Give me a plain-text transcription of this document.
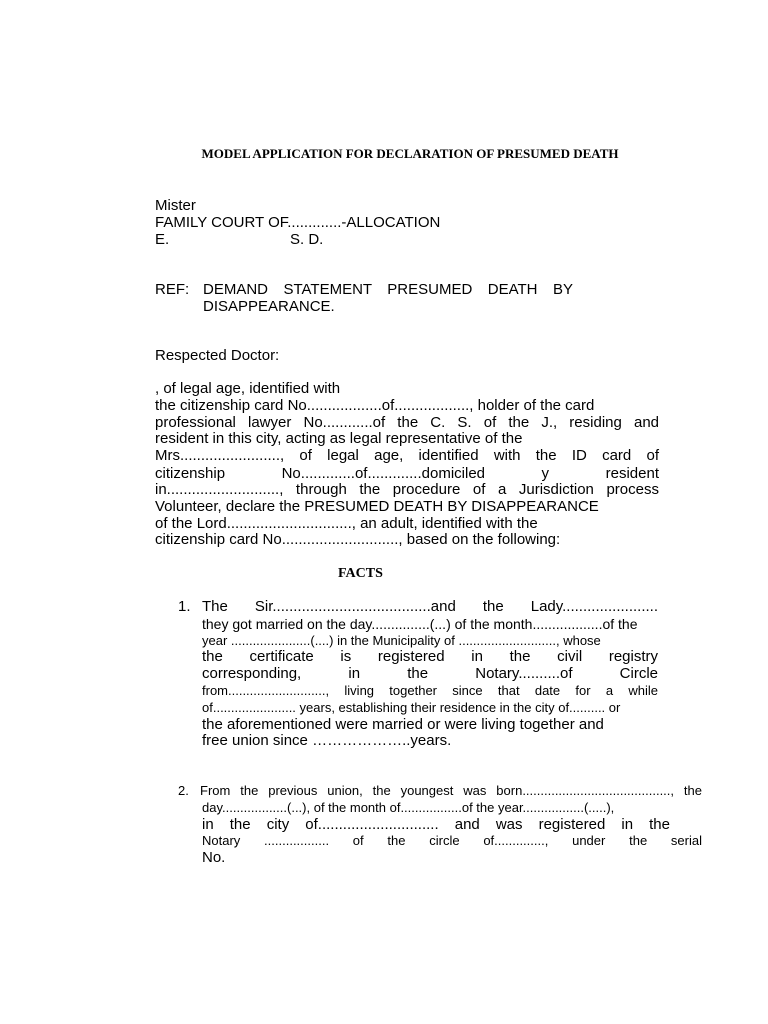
MODEL APPLICATION FOR DECLARATION OF PRESUMED DEATH
Mister
FAMILY COURT OF.............-ALLOCATION
E.	S. D.
REF: DEMAND STATEMENT PRESUMED DEATH BY
DISAPPEARANCE.
Respected Doctor:
, of legal age, identified with
the citizenship card No..................of.................., holder of the card
professional lawyer No............of the C. S. of the J., residing and
resident in this city, acting as legal representative of the
Mrs........................, of legal age, identified with the ID card of
citizenship No.............of.............domiciled y resident
in..........................., through the procedure of a Jurisdiction process
Volunteer, declare the PRESUMED DEATH BY DISAPPEARANCE
of the Lord.............................., an adult, identified with the
citizenship card No............................, based on the following:
FACTS
1. The Sir......................................and the Lady.......................
they got married on the day...............(...) of the month..................of the
year ......................(....) in the Municipality of ..........................., whose
the certificate is registered in the civil registry
corresponding, in the Notary..........of Circle
from..........................., living together since that date for a while
of....................... years, establishing their residence in the city of.......... or
the aforementioned were married or were living together and
free union since ………………..years.
2. From the previous union, the youngest was born........................................., the
day..................(...), of the month of.................of the year.................(.....),
in the city of............................. and was registered in the
Notary .................. of the circle of.............., under the serial
No.
